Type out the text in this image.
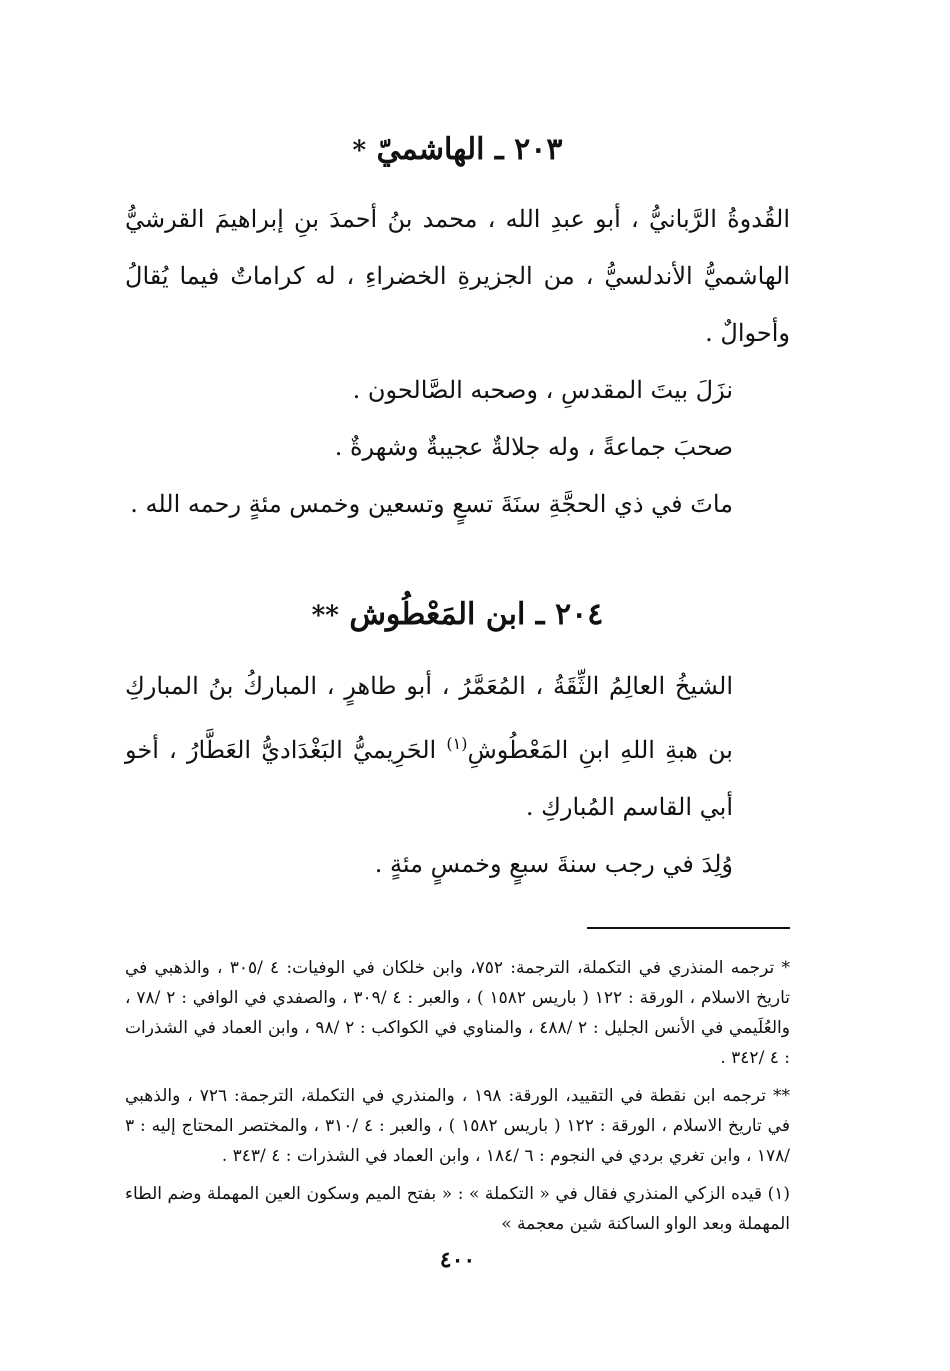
٢٠٣ ـ الهاشميّ *

القُدوةُ الرَّبانيُّ ، أبو عبدِ الله ، محمد بنُ أحمدَ بنِ إبراهيمَ القرشيُّ الهاشميُّ الأندلسيُّ ، من الجزيرةِ الخضراءِ ، له كراماتٌ فيما يُقالُ وأحوالٌ .

نزَلَ بيتَ المقدسِ ، وصحبه الصَّالحون .

صحبَ جماعةً ، وله جلالةٌ عجيبةٌ وشهرةٌ .

ماتَ في ذي الحجَّةِ سنَةَ تسعٍ وتسعين وخمس مئةٍ رحمه الله .

٢٠٤ ـ ابن المَعْطُوش **

الشيخُ العالِمُ الثِّقَةُ ، المُعَمَّرُ ، أبو طاهرٍ ، المباركُ بنُ المباركِ بن هبةِ اللهِ ابنِ المَعْطُوشِ$^{(١)}$ الحَرِيميُّ البَغْدَاديُّ العَطَّارُ ، أخو أبي القاسم المُباركِ .

وُلِدَ في رجب سنةَ سبعٍ وخمسٍ مئةٍ .

* ترجمه المنذري في التكملة، الترجمة: ٧٥٢، وابن خلكان في الوفيات: ٤ /٣٠٥ ، والذهبي في تاريخ الاسلام ، الورقة : ١٢٢ ( باريس ١٥٨٢ ) ، والعبر : ٤ /٣٠٩ ، والصفدي في الوافي : ٢ /٧٨ ، والعُلَيمي في الأنس الجليل : ٢ /٤٨٨ ، والمناوي في الكواكب : ٢ /٩٨ ، وابن العماد في الشذرات : ٤ /٣٤٢ .

** ترجمه ابن نقطة في التقييد، الورقة: ١٩٨ ، والمنذري في التكملة، الترجمة: ٧٢٦ ، والذهبي في تاريخ الاسلام ، الورقة : ١٢٢ ( باريس ١٥٨٢ ) ، والعبر : ٤ /٣١٠ ، والمختصر المحتاج إليه : ٣ /١٧٨ ، وابن تغري بردي في النجوم : ٦ /١٨٤ ، وابن العماد في الشذرات : ٤ /٣٤٣ .

(١) قيده الزكي المنذري فقال في « التكملة » : « بفتح الميم وسكون العين المهملة وضم الطاء المهملة وبعد الواو الساكنة شين معجمة »

٤٠٠
